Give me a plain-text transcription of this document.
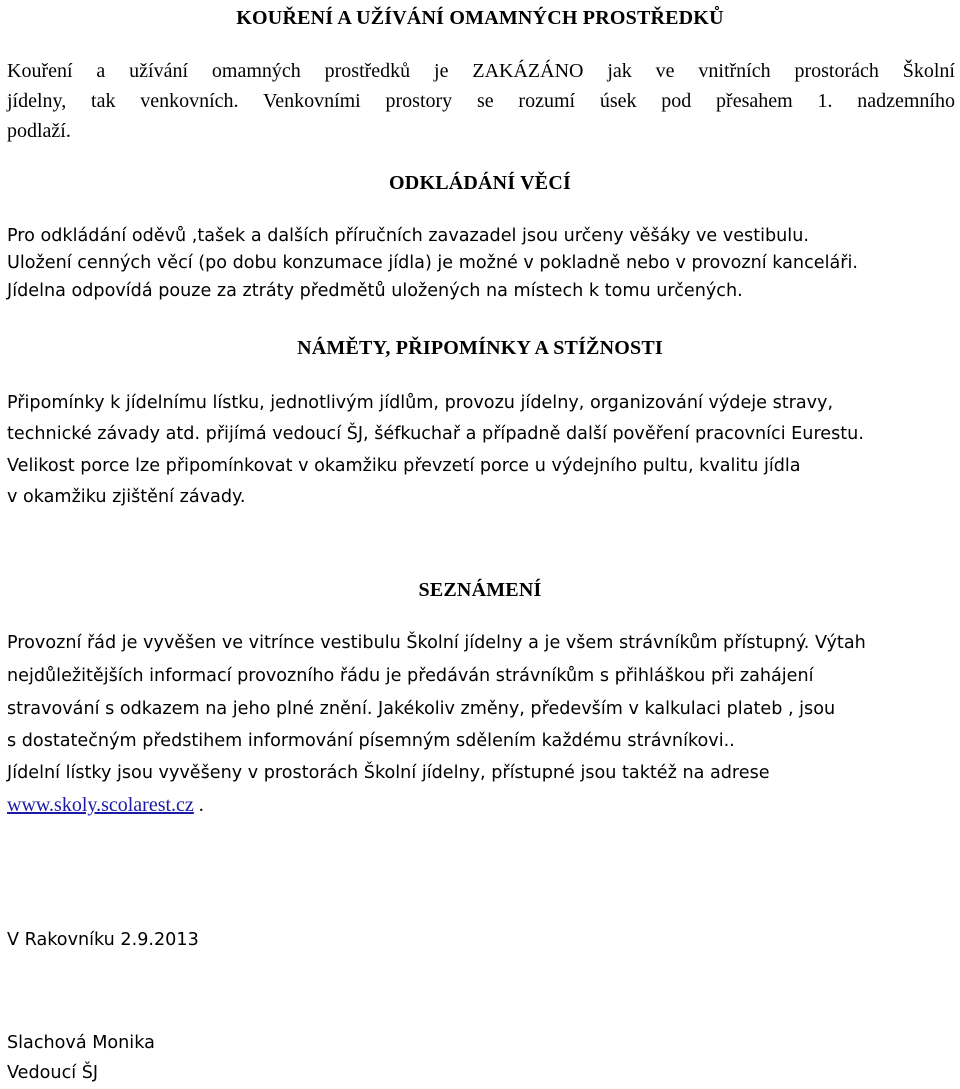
KOUŘENÍ A UŽÍVÁNÍ OMAMNÝCH PROSTŘEDKŮ

Kouření a užívání omamných prostředků je ZAKÁZÁNO jak ve vnitřních prostorách Školní

jídelny, tak venkovních. Venkovními prostory se rozumí úsek pod přesahem 1. nadzemního

podlaží.

ODKLÁDÁNÍ VĚCÍ

Pro odkládání oděvů ,tašek a dalších příručních zavazadel jsou určeny věšáky ve vestibulu.

Uložení cenných věcí (po dobu konzumace jídla) je možné v pokladně nebo v provozní kanceláři.

Jídelna odpovídá pouze za ztráty předmětů uložených na místech k tomu určených.

NÁMĚTY, PŘIPOMÍNKY A STÍŽNOSTI

Připomínky k jídelnímu lístku, jednotlivým jídlům, provozu jídelny, organizování výdeje stravy,

technické závady atd. přijímá vedoucí ŠJ, šéfkuchař a případně další pověření pracovníci Eurestu.

Velikost porce lze připomínkovat v okamžiku převzetí porce u výdejního pultu, kvalitu jídla

v okamžiku zjištění závady.

SEZNÁMENÍ

Provozní řád je vyvěšen ve vitrínce vestibulu Školní jídelny a je všem strávníkům přístupný. Výtah

nejdůležitějších informací provozního řádu je předáván strávníkům s přihláškou při zahájení

stravování s odkazem na jeho plné znění. Jakékoliv změny, především v kalkulaci plateb , jsou

s dostatečným předstihem informování písemným sdělením každému strávníkovi..

Jídelní lístky jsou vyvěšeny v prostorách Školní jídelny, přístupné jsou taktéž na adrese

www.skoly.scolarest.cz .

V Rakovníku 2.9.2013

Slachová Monika

Vedoucí ŠJ
